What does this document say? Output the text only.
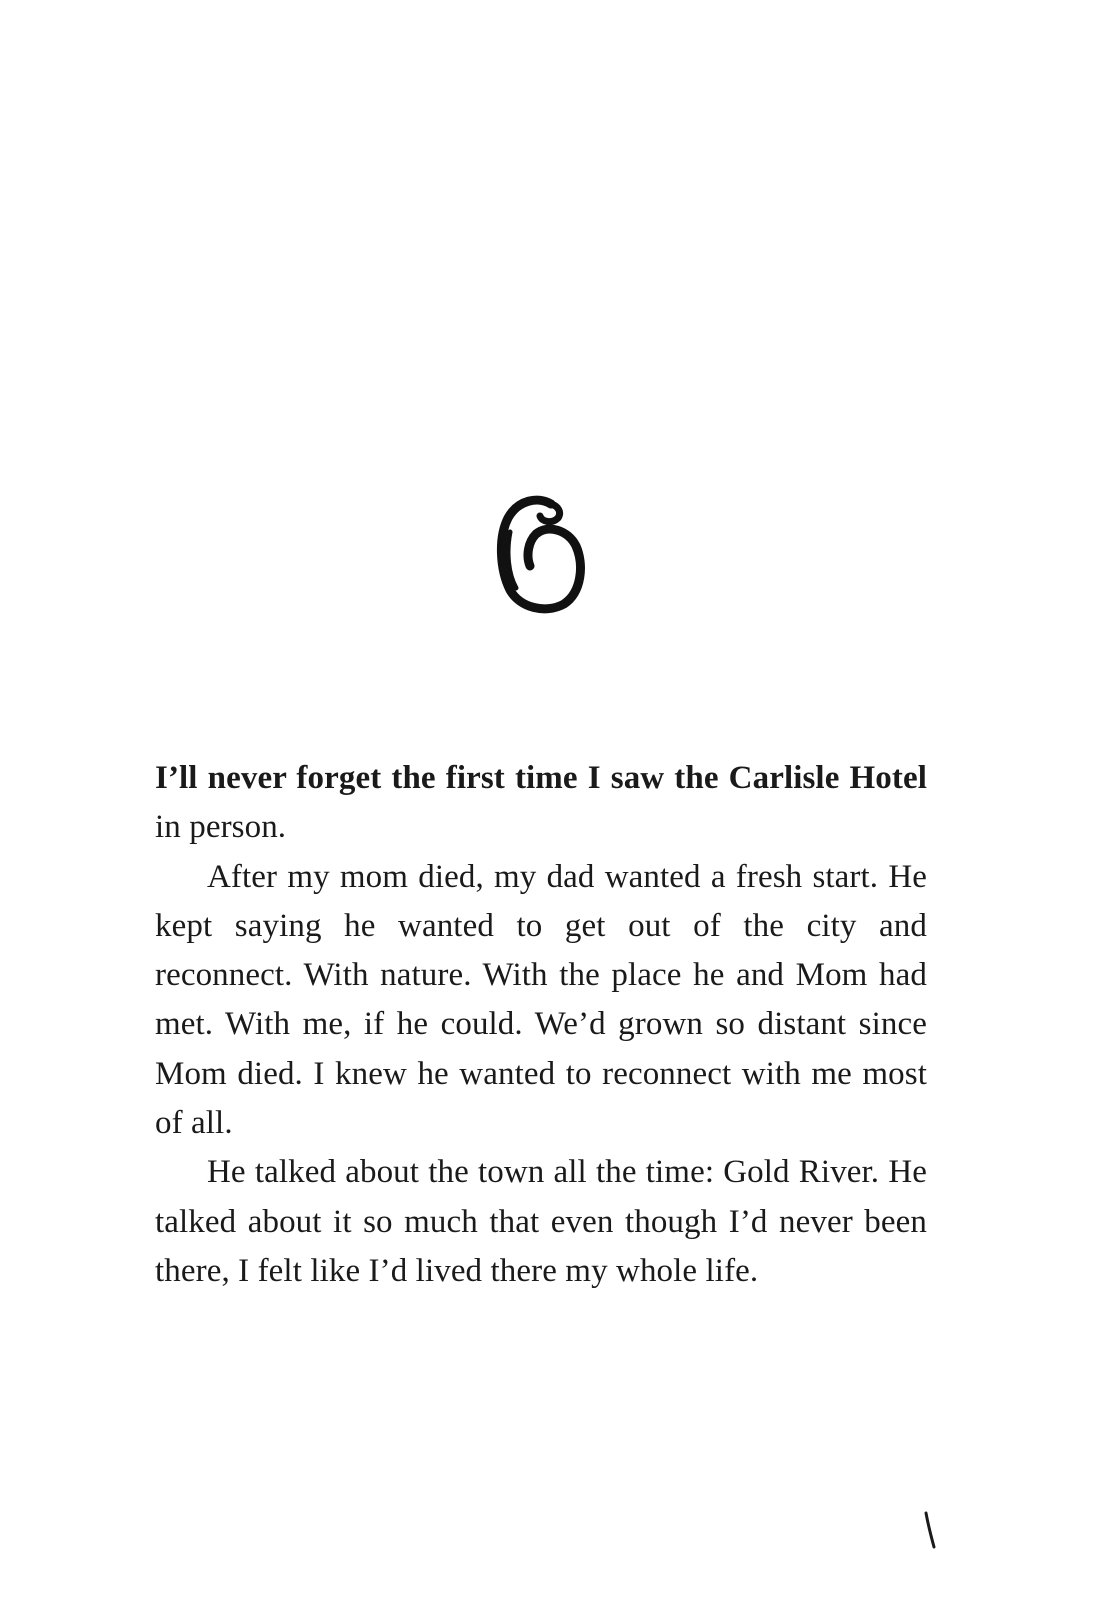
I’ll never forget the first time I saw the Carlisle Hotel in person.

After my mom died, my dad wanted a fresh start. He kept saying he wanted to get out of the city and reconnect. With nature. With the place he and Mom had met. With me, if he could. We’d grown so distant since Mom died. I knew he wanted to reconnect with me most of all.

He talked about the town all the time: Gold River. He talked about it so much that even though I’d never been there, I felt like I’d lived there my whole life.
